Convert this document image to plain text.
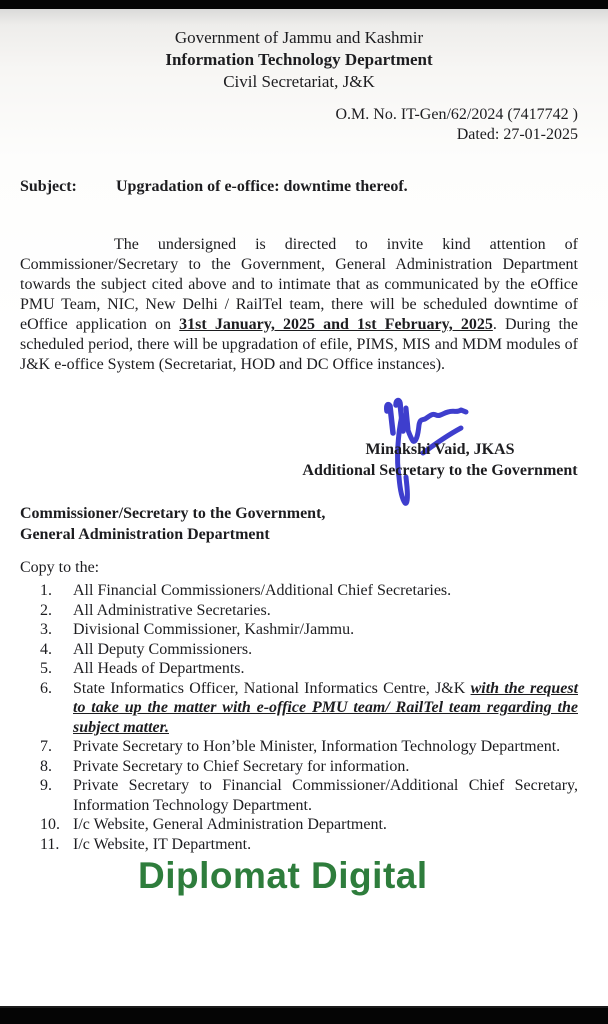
Government of Jammu and Kashmir
Information Technology Department
Civil Secretariat, J&K
O.M. No. IT-Gen/62/2024 (7417742 )
Dated: 27-01-2025
Subject:	Upgradation of e-office: downtime thereof.

The undersigned is directed to invite kind attention of Commissioner/Secretary to the Government, General Administration Department towards the subject cited above and to intimate that as communicated by the eOffice PMU Team, NIC, New Delhi / RailTel team, there will be scheduled downtime of eOffice application on 31st January, 2025 and 1st February, 2025. During the scheduled period, there will be upgradation of efile, PIMS, MIS and MDM modules of J&K e-office System (Secretariat, HOD and DC Office instances).

Minakshi Vaid, JKAS
Additional Secretary to the Government
Commissioner/Secretary to the Government,
General Administration Department
Copy to the:
1.	All Financial Commissioners/Additional Chief Secretaries.
2.	All Administrative Secretaries.
3.	Divisional Commissioner, Kashmir/Jammu.
4.	All Deputy Commissioners.
5.	All Heads of Departments.
6.	State Informatics Officer, National Informatics Centre, J&K with the request to take up the matter with e-office PMU team/ RailTel team regarding the subject matter.
7.	Private Secretary to Hon’ble Minister, Information Technology Department.
8.	Private Secretary to Chief Secretary for information.
9.	Private Secretary to Financial Commissioner/Additional Chief Secretary, Information Technology Department.
10. I/c Website, General Administration Department.
11. I/c Website, IT Department.
Diplomat Digital
